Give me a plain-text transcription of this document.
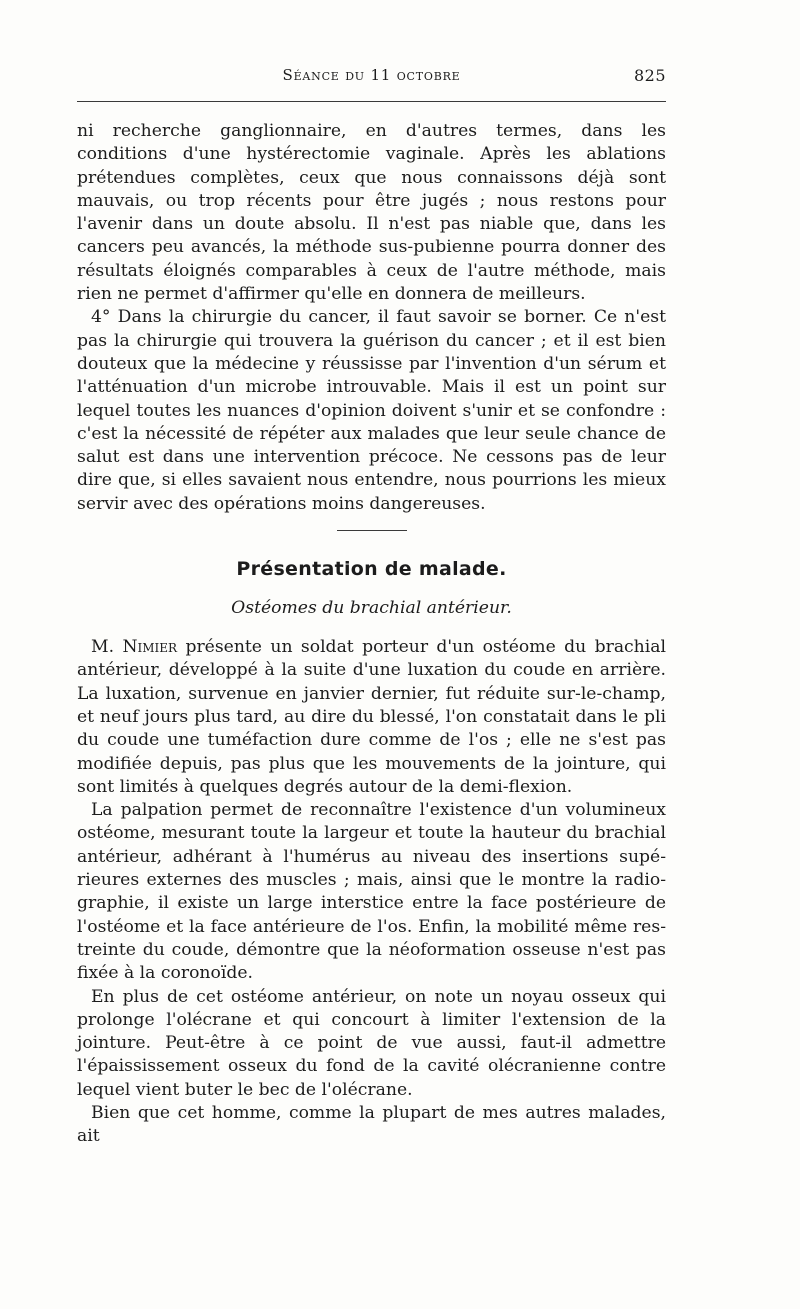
Séance du 11 octobre	825

ni recherche ganglionnaire, en d'autres termes, dans les conditions d'une hystérectomie vaginale. Après les ablations prétendues complètes, ceux que nous connaissons déjà sont mauvais, ou trop récents pour être jugés ; nous restons pour l'avenir dans un doute absolu. Il n'est pas niable que, dans les cancers peu avancés, la méthode sus-pubienne pourra donner des résultats éloignés comparables à ceux de l'autre méthode, mais rien ne permet d'affirmer qu'elle en donnera de meilleurs.

4° Dans la chirurgie du cancer, il faut savoir se borner. Ce n'est pas la chirurgie qui trouvera la guérison du cancer ; et il est bien douteux que la médecine y réussisse par l'invention d'un sérum et l'atténuation d'un microbe introuvable. Mais il est un point sur lequel toutes les nuances d'opinion doivent s'unir et se confondre : c'est la nécessité de répéter aux malades que leur seule chance de salut est dans une intervention précoce. Ne cessons pas de leur dire que, si elles savaient nous entendre, nous pourrions les mieux servir avec des opérations moins dangereuses.

Présentation de malade.
Ostéomes du brachial antérieur.

M. Nimier présente un soldat porteur d'un ostéome du brachial antérieur, développé à la suite d'une luxation du coude en arrière. La luxation, survenue en janvier dernier, fut réduite sur-le-champ, et neuf jours plus tard, au dire du blessé, l'on constatait dans le pli du coude une tuméfaction dure comme de l'os ; elle ne s'est pas modifiée depuis, pas plus que les mouvements de la jointure, qui sont limités à quelques degrés autour de la demi-flexion.

La palpation permet de reconnaître l'existence d'un volumineux ostéome, mesurant toute la largeur et toute la hauteur du brachial antérieur, adhérant à l'humérus au niveau des insertions supérieures externes des muscles ; mais, ainsi que le montre la radiographie, il existe un large interstice entre la face postérieure de l'ostéome et la face antérieure de l'os. Enfin, la mobilité même restreinte du coude, démontre que la néoformation osseuse n'est pas fixée à la coronoïde.

En plus de cet ostéome antérieur, on note un noyau osseux qui prolonge l'olécrane et qui concourt à limiter l'extension de la jointure. Peut-être à ce point de vue aussi, faut-il admettre l'épaississement osseux du fond de la cavité olécranienne contre lequel vient buter le bec de l'olécrane.

Bien que cet homme, comme la plupart de mes autres malades, ait
